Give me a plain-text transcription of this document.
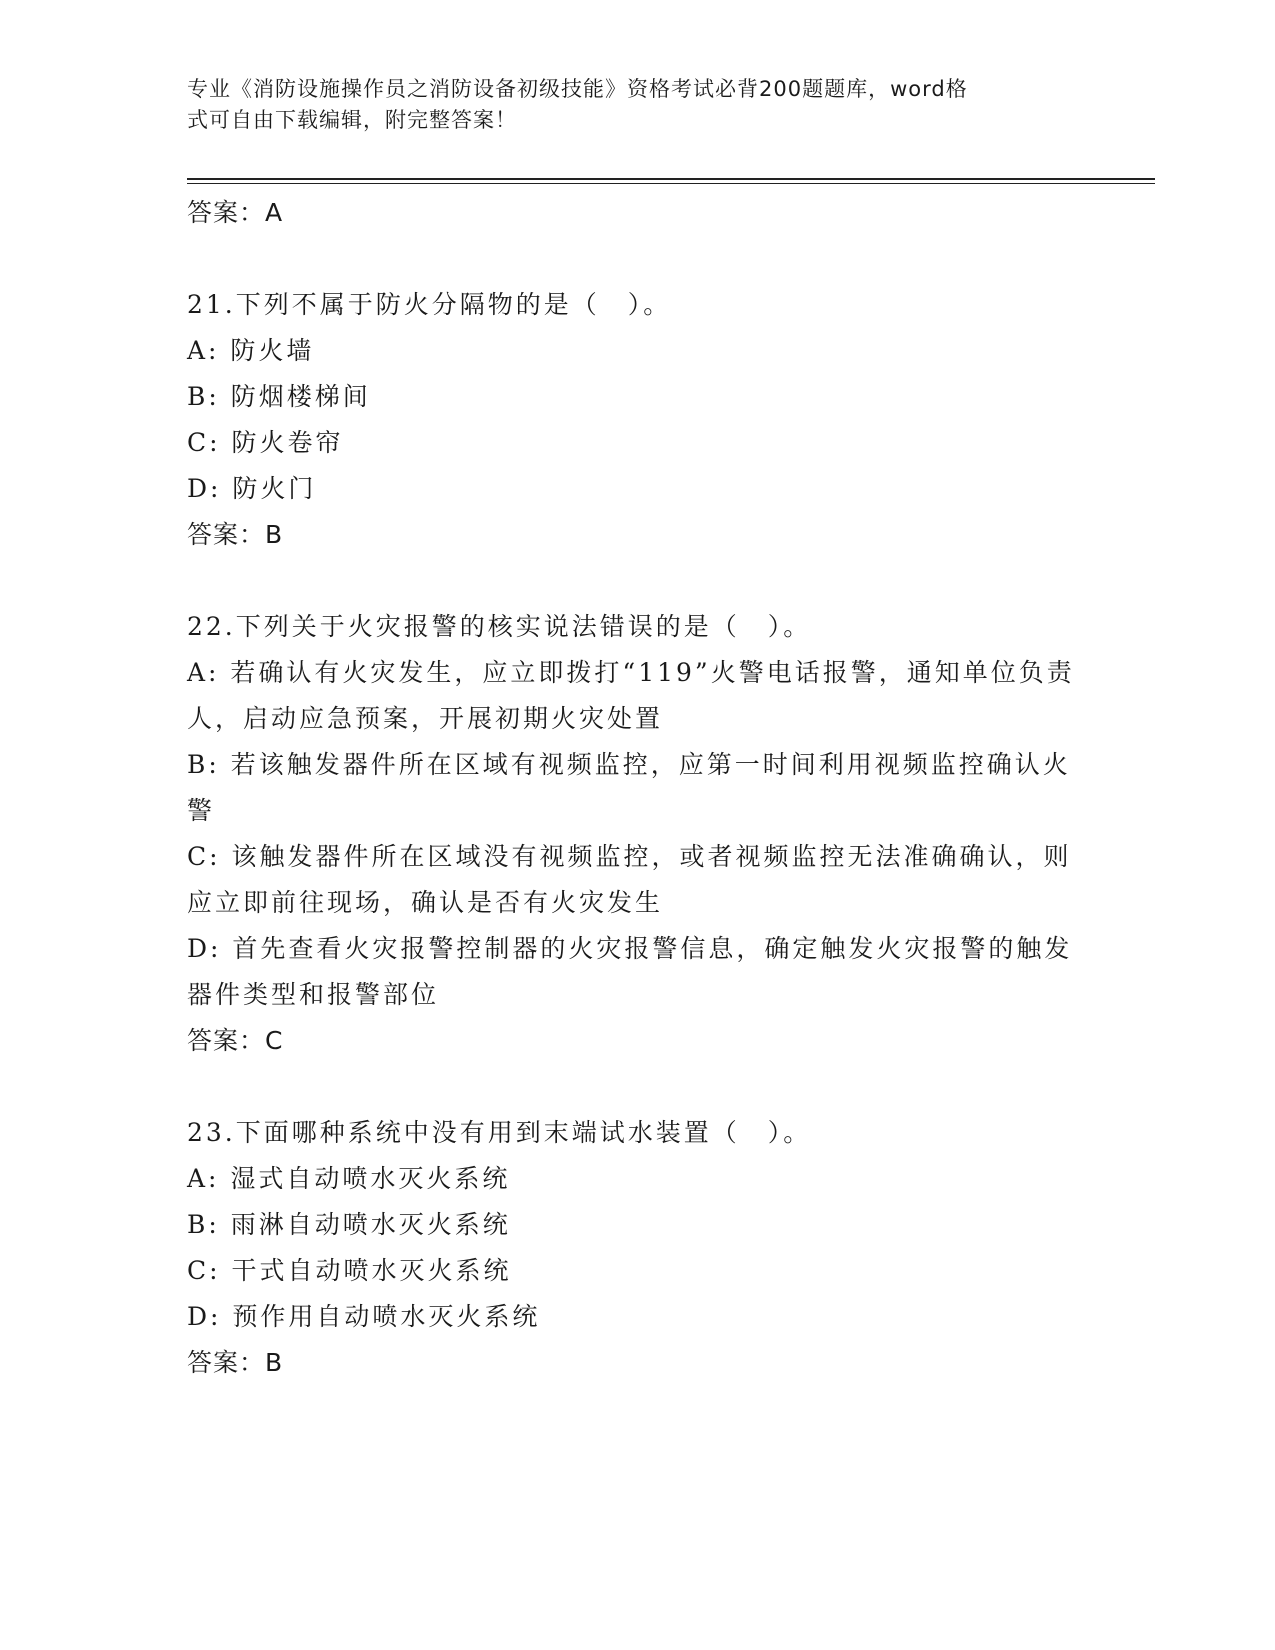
专业《消防设施操作员之消防设备初级技能》资格考试必背200题题库，word格
式可自由下载编辑，附完整答案！
答案：A
21.下列不属于防火分隔物的是（　）。
A: 防火墙
B: 防烟楼梯间
C: 防火卷帘
D: 防火门
答案：B
22.下列关于火灾报警的核实说法错误的是（　）。
A: 若确认有火灾发生，应立即拨打“119”火警电话报警，通知单位负责人，启动应急预案，开展初期火灾处置
B: 若该触发器件所在区域有视频监控，应第一时间利用视频监控确认火警
C: 该触发器件所在区域没有视频监控，或者视频监控无法准确确认，则应立即前往现场，确认是否有火灾发生
D: 首先查看火灾报警控制器的火灾报警信息，确定触发火灾报警的触发器件类型和报警部位
答案：C
23.下面哪种系统中没有用到末端试水装置（　）。
A: 湿式自动喷水灭火系统
B: 雨淋自动喷水灭火系统
C: 干式自动喷水灭火系统
D: 预作用自动喷水灭火系统
答案：B
